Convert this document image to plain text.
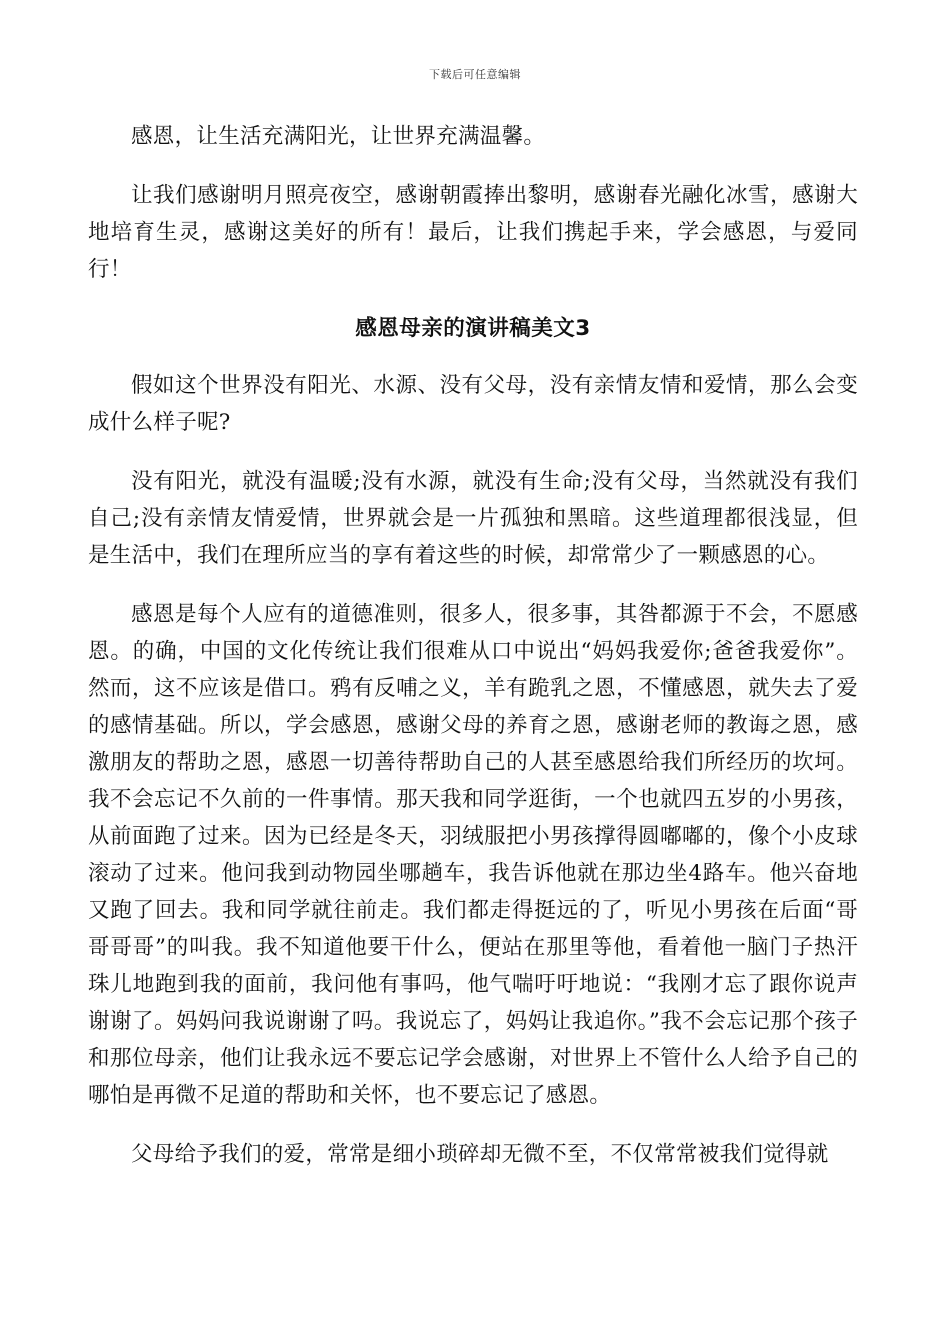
下载后可任意编辑

感恩，让生活充满阳光，让世界充满温馨。

让我们感谢明月照亮夜空，感谢朝霞捧出黎明，感谢春光融化冰雪，感谢大地培育生灵，感谢这美好的所有！最后，让我们携起手来，学会感恩，与爱同行！

感恩母亲的演讲稿美文3

假如这个世界没有阳光、水源、没有父母，没有亲情友情和爱情，那么会变成什么样子呢?

没有阳光，就没有温暖;没有水源，就没有生命;没有父母，当然就没有我们自己;没有亲情友情爱情，世界就会是一片孤独和黑暗。这些道理都很浅显，但是生活中，我们在理所应当的享有着这些的时候，却常常少了一颗感恩的心。

感恩是每个人应有的道德准则，很多人，很多事，其咎都源于不会，不愿感恩。的确，中国的文化传统让我们很难从口中说出“妈妈我爱你;爸爸我爱你”。然而，这不应该是借口。鸦有反哺之义，羊有跪乳之恩，不懂感恩，就失去了爱的感情基础。所以，学会感恩，感谢父母的养育之恩，感谢老师的教诲之恩，感激朋友的帮助之恩，感恩一切善待帮助自己的人甚至感恩给我们所经历的坎坷。我不会忘记不久前的一件事情。那天我和同学逛街，一个也就四五岁的小男孩，从前面跑了过来。因为已经是冬天，羽绒服把小男孩撑得圆嘟嘟的，像个小皮球滚动了过来。他问我到动物园坐哪趟车，我告诉他就在那边坐4路车。他兴奋地又跑了回去。我和同学就往前走。我们都走得挺远的了，听见小男孩在后面“哥哥哥哥”的叫我。我不知道他要干什么，便站在那里等他，看着他一脑门子热汗珠儿地跑到我的面前，我问他有事吗，他气喘吁吁地说：“我刚才忘了跟你说声谢谢了。妈妈问我说谢谢了吗。我说忘了，妈妈让我追你。”我不会忘记那个孩子和那位母亲，他们让我永远不要忘记学会感谢，对世界上不管什么人给予自己的哪怕是再微不足道的帮助和关怀，也不要忘记了感恩。

父母给予我们的爱，常常是细小琐碎却无微不至，不仅常常被我们觉得就
